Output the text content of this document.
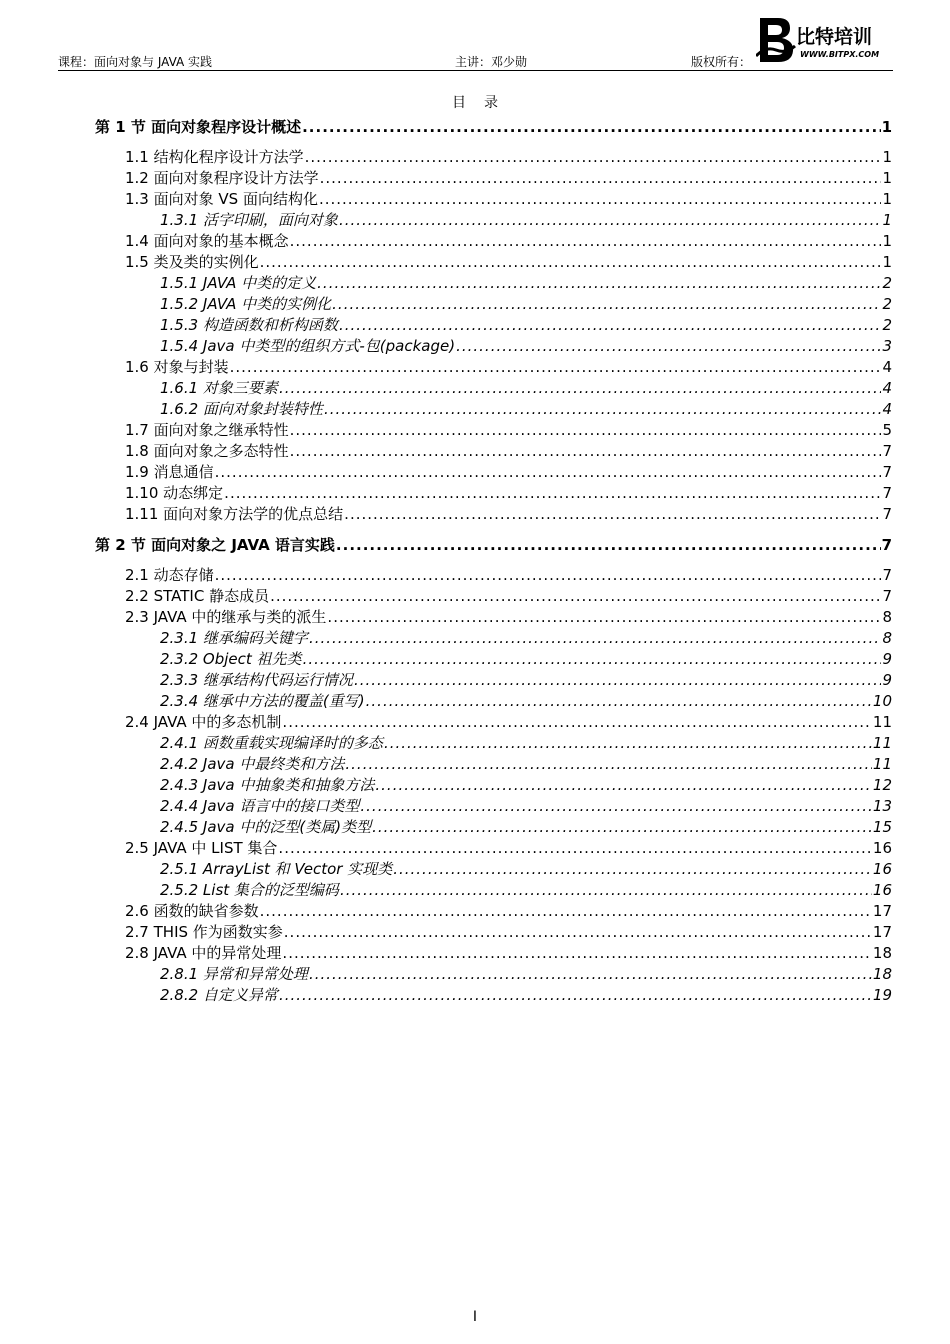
课程：面向对象与 JAVA 实践	主讲：邓少勋	版权所有：
比特培训
WWW.BITPX.COM
目录
第 1 节 面向对象程序设计概述 .....	1
1.1 结构化程序设计方法学 .....	1
1.2 面向对象程序设计方法学 .....	1
1.3 面向对象 VS 面向结构化 .....	1
1.3.1 活字印刷，面向对象 .....	1
1.4 面向对象的基本概念 .....	1
1.5 类及类的实例化 .....	1
1.5.1 JAVA 中类的定义 .....	2
1.5.2 JAVA 中类的实例化 .....	2
1.5.3 构造函数和析构函数 .....	2
1.5.4 Java 中类型的组织方式-包(package) .....	3
1.6 对象与封装 .....	4
1.6.1 对象三要素 .....	4
1.6.2 面向对象封装特性 .....	4
1.7 面向对象之继承特性 .....	5
1.8 面向对象之多态特性 .....	7
1.9 消息通信 .....	7
1.10 动态绑定 .....	7
1.11 面向对象方法学的优点总结 .....	7
第 2 节 面向对象之 JAVA 语言实践 .....	7
2.1 动态存储 .....	7
2.2 STATIC 静态成员 .....	7
2.3 JAVA 中的继承与类的派生 .....	8
2.3.1 继承编码关键字 .....	8
2.3.2 Object 祖先类 .....	9
2.3.3 继承结构代码运行情况 .....	9
2.3.4 继承中方法的覆盖(重写) .....	10
2.4 JAVA 中的多态机制 .....	11
2.4.1 函数重载实现编译时的多态 .....	11
2.4.2 Java 中最终类和方法 .....	11
2.4.3 Java 中抽象类和抽象方法 .....	12
2.4.4 Java 语言中的接口类型 .....	13
2.4.5 Java 中的泛型(类属)类型 .....	15
2.5 JAVA 中 LIST 集合 .....	16
2.5.1 ArrayList 和 Vector 实现类 .....	16
2.5.2 List 集合的泛型编码 .....	16
2.6 函数的缺省参数 .....	17
2.7 THIS 作为函数实参 .....	17
2.8 JAVA 中的异常处理 .....	18
2.8.1 异常和异常处理 .....	18
2.8.2 自定义异常 .....	19
I
